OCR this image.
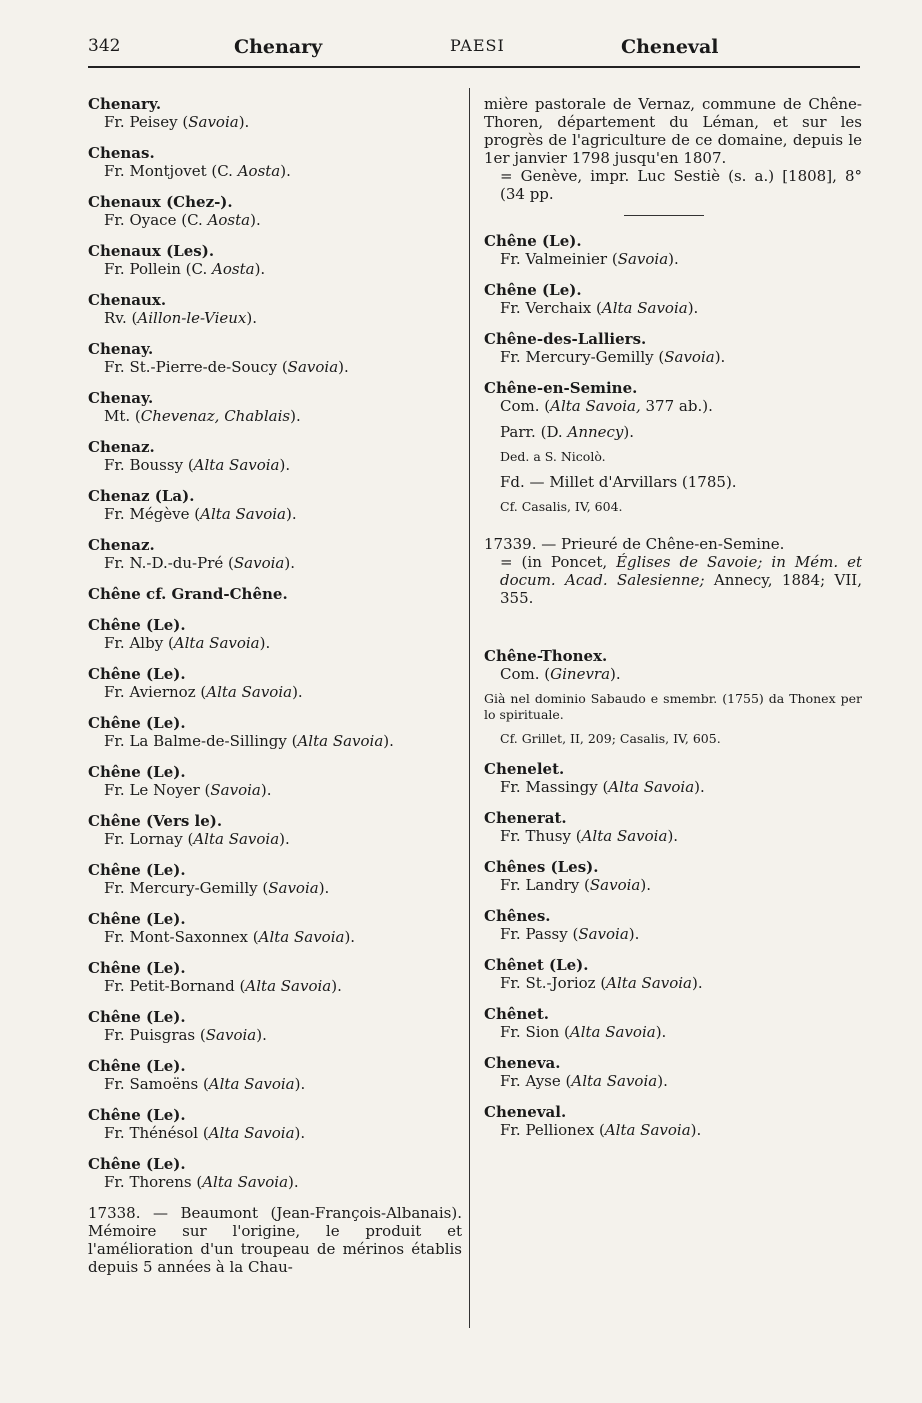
342	Chenary	PAESI	Cheneval
Chenary.
Fr. Peisey (Savoia).
Chenas.
Fr. Montjovet (C. Aosta).
Chenaux (Chez-).
Fr. Oyace (C. Aosta).
Chenaux (Les).
Fr. Pollein (C. Aosta).
Chenaux.
Rv. (Aillon-le-Vieux).
Chenay.
Fr. St.-Pierre-de-Soucy (Savoia).
Chenay.
Mt. (Chevenaz, Chablais).
Chenaz.
Fr. Boussy (Alta Savoia).
Chenaz (La).
Fr. Mégève (Alta Savoia).
Chenaz.
Fr. N.-D.-du-Pré (Savoia).
Chêne cf. Grand-Chêne.
Chêne (Le).
Fr. Alby (Alta Savoia).
Chêne (Le).
Fr. Aviernoz (Alta Savoia).
Chêne (Le).
Fr. La Balme-de-Sillingy (Alta Savoia).
Chêne (Le).
Fr. Le Noyer (Savoia).
Chêne (Vers le).
Fr. Lornay (Alta Savoia).
Chêne (Le).
Fr. Mercury-Gemilly (Savoia).
Chêne (Le).
Fr. Mont-Saxonnex (Alta Savoia).
Chêne (Le).
Fr. Petit-Bornand (Alta Savoia).
Chêne (Le).
Fr. Puisgras (Savoia).
Chêne (Le).
Fr. Samoëns (Alta Savoia).
Chêne (Le).
Fr. Thénésol (Alta Savoia).
Chêne (Le).
Fr. Thorens (Alta Savoia).
17338. — Beaumont (Jean-François-Albanais). Mémoire sur l'origine, le produit et l'amélioration d'un troupeau de mérinos établis depuis 5 années à la Chau-
mière pastorale de Vernaz, commune de Chêne-Thoren, département du Léman, et sur les progrès de l'agriculture de ce domaine, depuis le 1er janvier 1798 jusqu'en 1807.
= Genève, impr. Luc Sestiè (s. a.) [1808], 8° (34 pp.
Chêne (Le).
Fr. Valmeinier (Savoia).
Chêne (Le).
Fr. Verchaix (Alta Savoia).
Chêne-des-Lalliers.
Fr. Mercury-Gemilly (Savoia).
Chêne-en-Semine.
Com. (Alta Savoia, 377 ab.).
Parr. (D. Annecy).
Ded. a S. Nicolò.
Fd. — Millet d'Arvillars (1785).
Cf. Casalis, IV, 604.
17339. — Prieuré de Chêne-en-Semine.
= (in Poncet, Églises de Savoie; in Mém. et docum. Acad. Salesienne; Annecy, 1884; VII, 355.
Chêne-Thonex.
Com. (Ginevra).
Già nel dominio Sabaudo e smembr. (1755) da Thonex per lo spirituale.
Cf. Grillet, II, 209; Casalis, IV, 605.
Chenelet.
Fr. Massingy (Alta Savoia).
Chenerat.
Fr. Thusy (Alta Savoia).
Chênes (Les).
Fr. Landry (Savoia).
Chênes.
Fr. Passy (Savoia).
Chênet (Le).
Fr. St.-Jorioz (Alta Savoia).
Chênet.
Fr. Sion (Alta Savoia).
Cheneva.
Fr. Ayse (Alta Savoia).
Cheneval.
Fr. Pellionex (Alta Savoia).
